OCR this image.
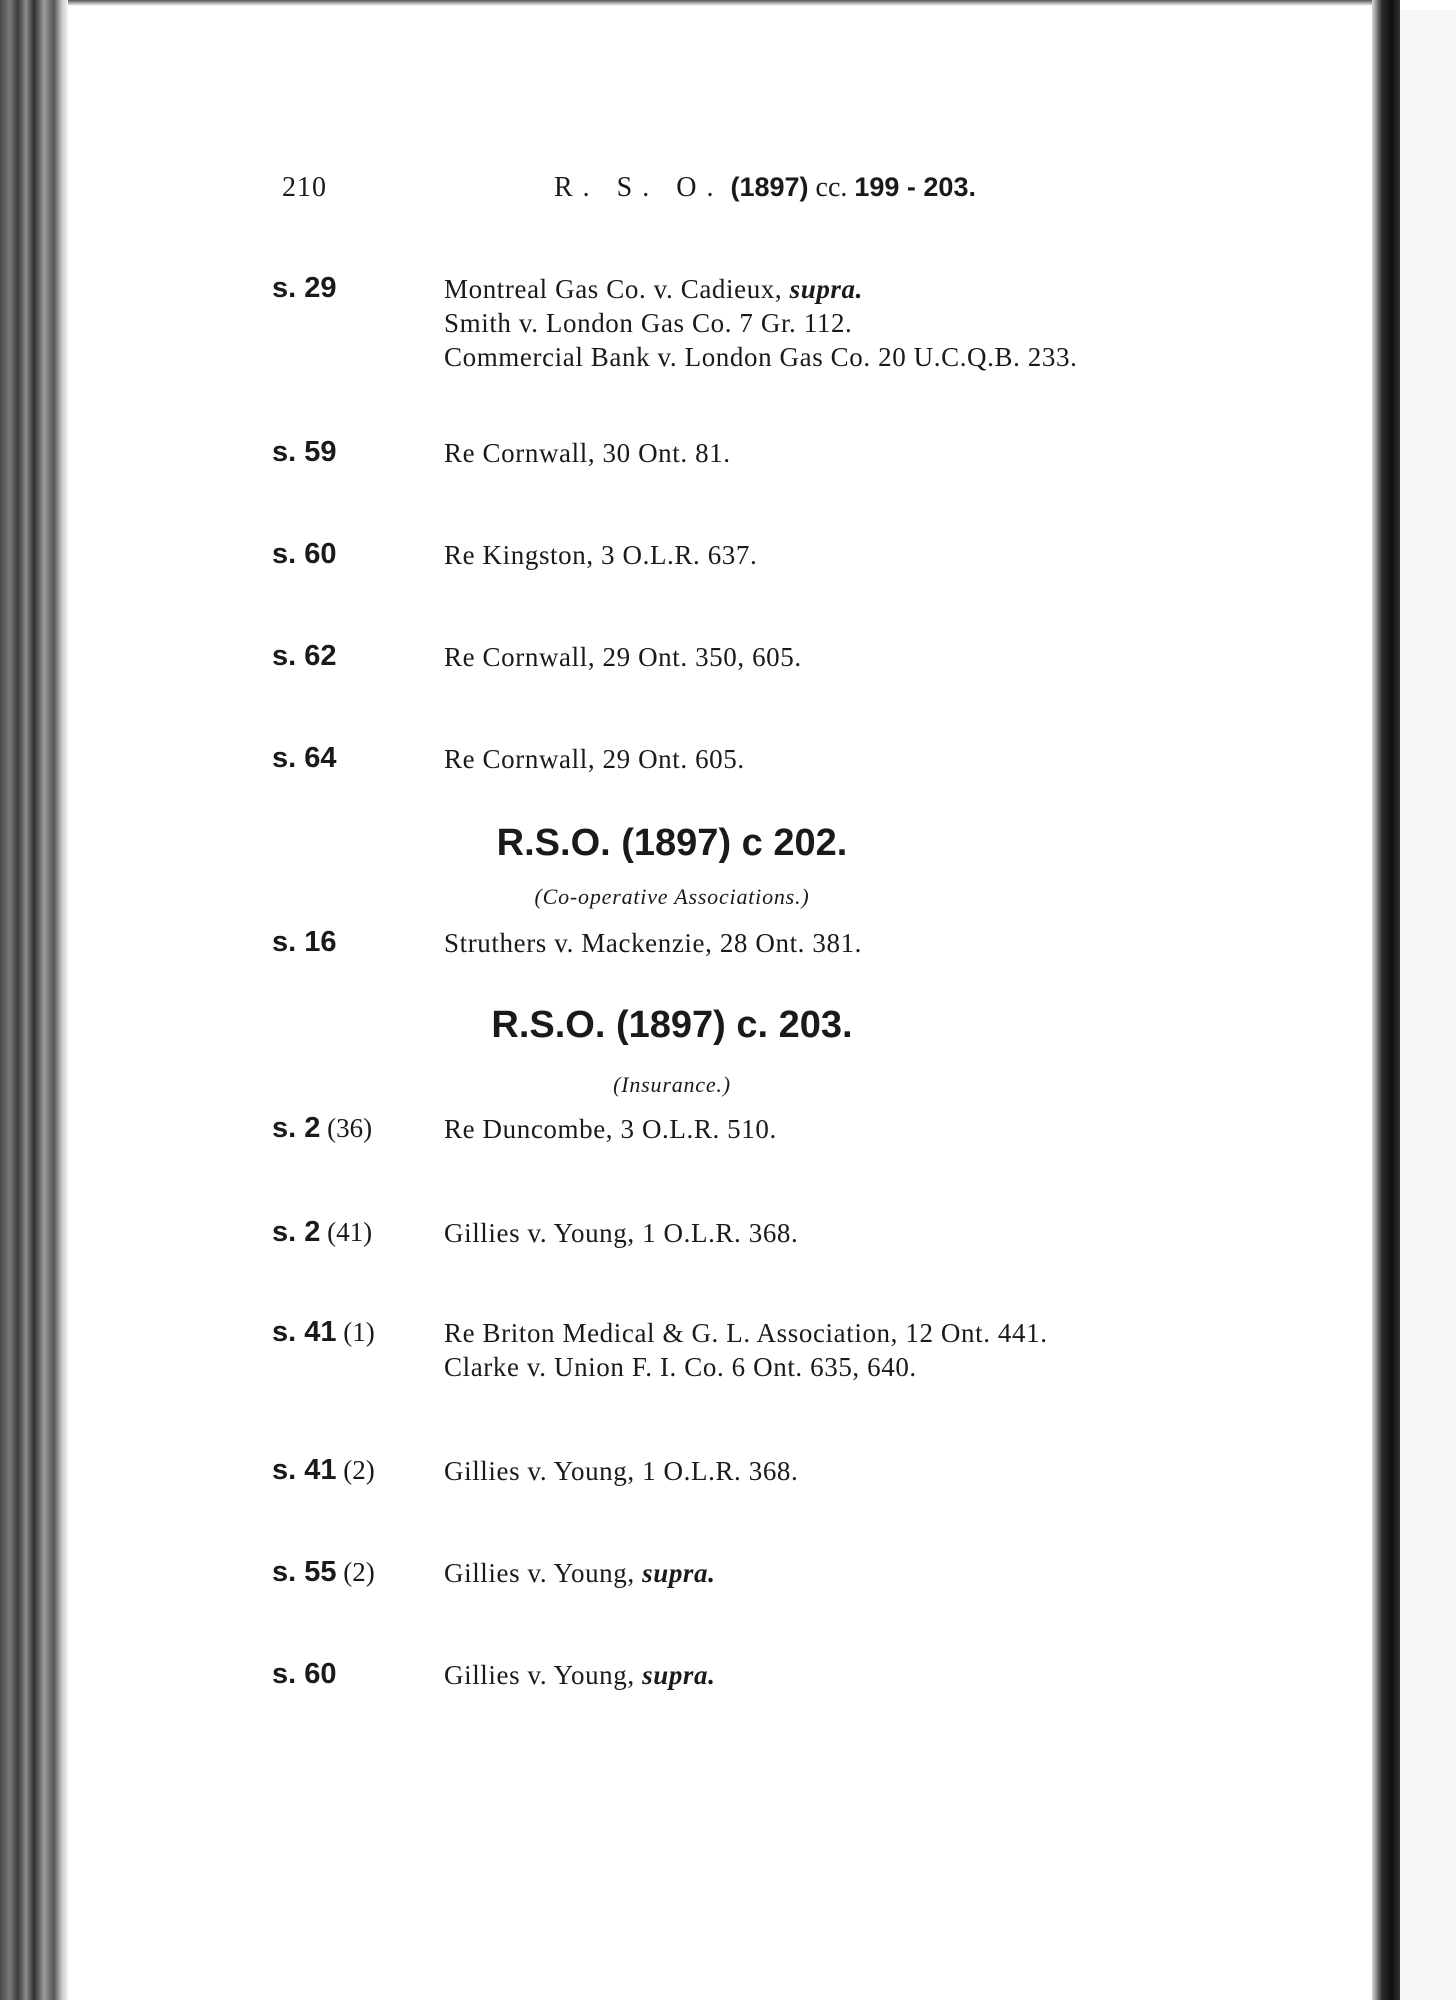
210	R. S. O. (1897) cc. 199 - 203.
s. 29	Montreal Gas Co. v. Cadieux, supra.
Smith v. London Gas Co. 7 Gr. 112.
Commercial Bank v. London Gas Co. 20 U.C.Q.B. 233.
s. 59	Re Cornwall, 30 Ont. 81.
s. 60	Re Kingston, 3 O.L.R. 637.
s. 62	Re Cornwall, 29 Ont. 350, 605.
s. 64	Re Cornwall, 29 Ont. 605.
s. 16	Struthers v. Mackenzie, 28 Ont. 381.
s. 2 (36)	Re Duncombe, 3 O.L.R. 510.
s. 2 (41)	Gillies v. Young, 1 O.L.R. 368.
s. 41 (1)	Re Briton Medical & G. L. Association, 12 Ont. 441.
Clarke v. Union F. I. Co. 6 Ont. 635, 640.
s. 41 (2)	Gillies v. Young, 1 O.L.R. 368.
s. 55 (2)	Gillies v. Young, supra.
s. 60	Gillies v. Young, supra.
R.S.O. (1897) c 202.
(Co-operative Associations.)
R.S.O. (1897) c. 203.
(Insurance.)
